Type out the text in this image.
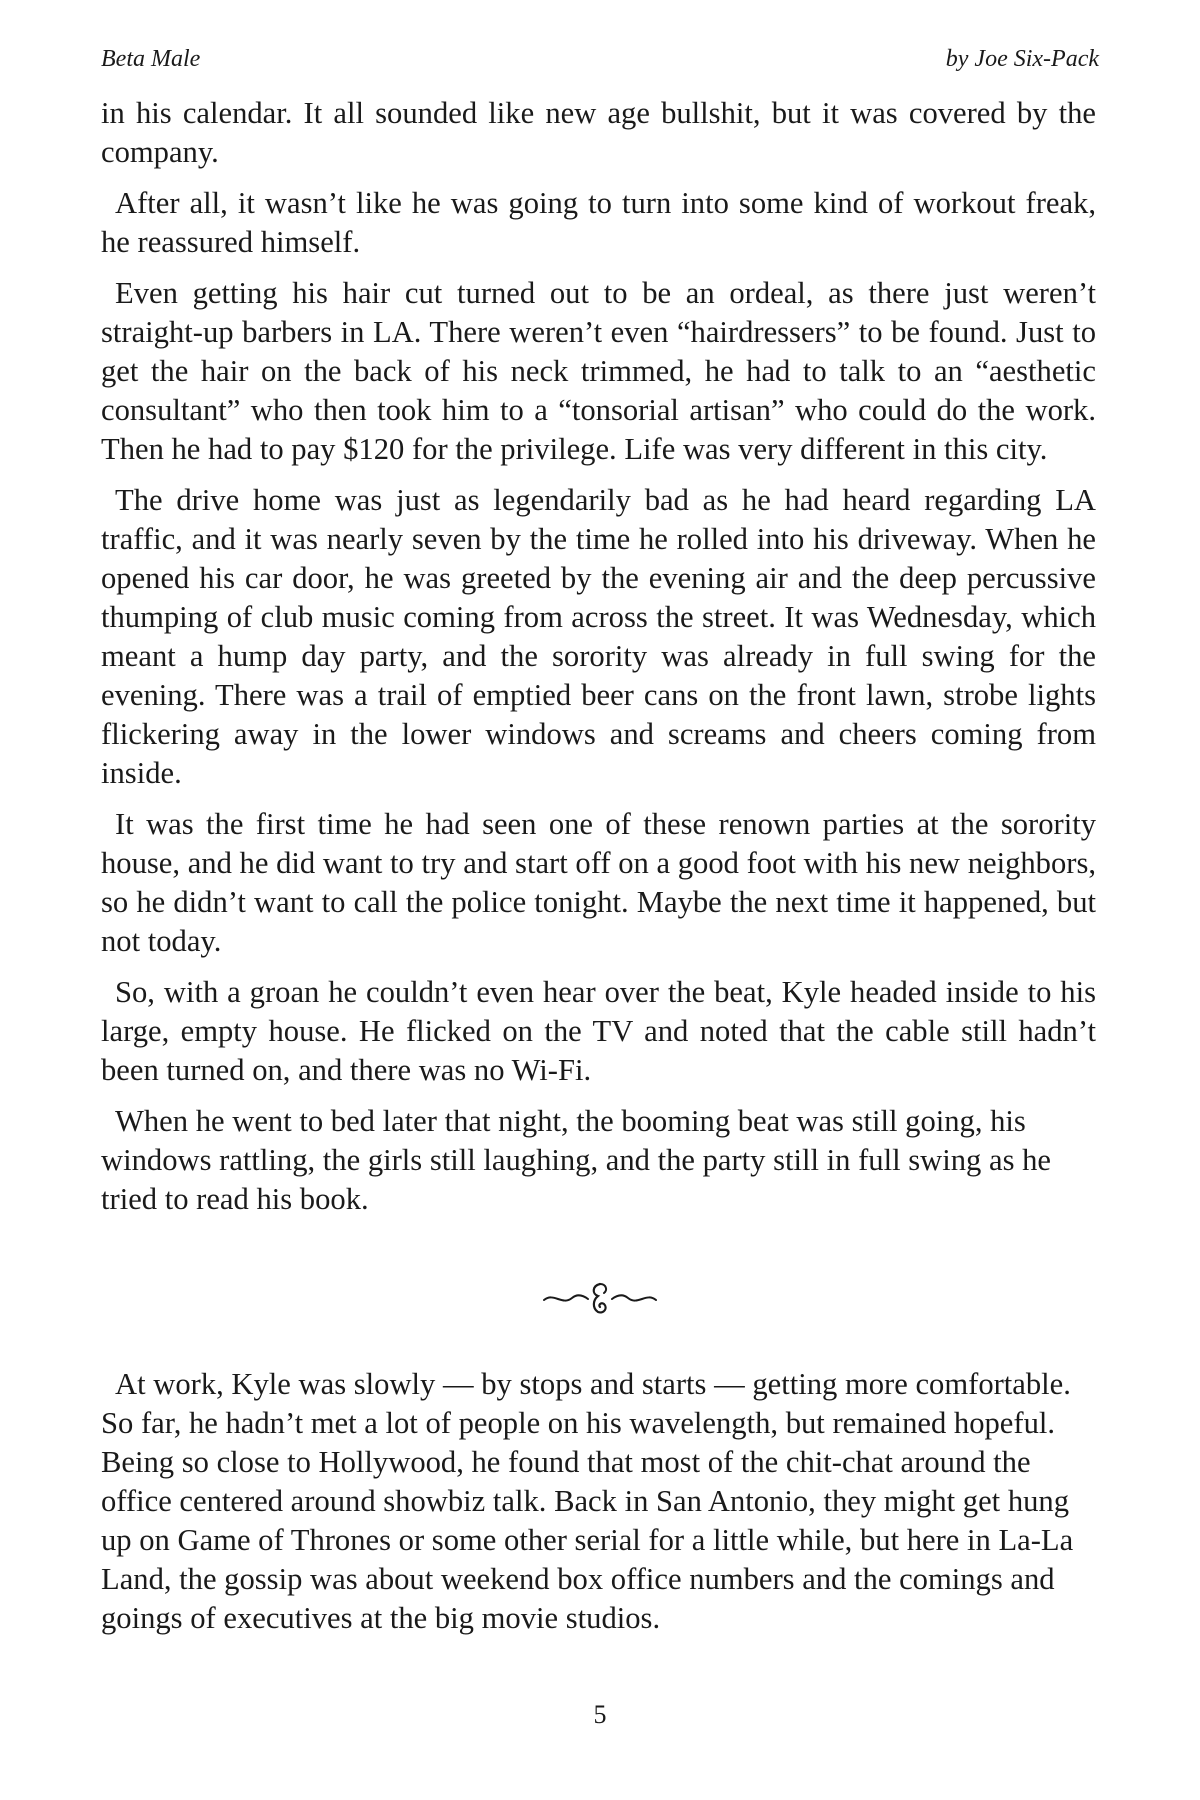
Beta Male	by Joe Six-Pack

in his calendar. It all sounded like new age bullshit, but it was covered by the company.

After all, it wasn’t like he was going to turn into some kind of workout freak, he reassured himself.

Even getting his hair cut turned out to be an ordeal, as there just weren’t straight-up barbers in LA. There weren’t even “hairdressers” to be found. Just to get the hair on the back of his neck trimmed, he had to talk to an “aesthetic consultant” who then took him to a “tonsorial artisan” who could do the work. Then he had to pay $120 for the privilege. Life was very different in this city.

The drive home was just as legendarily bad as he had heard regarding LA traffic, and it was nearly seven by the time he rolled into his driveway. When he opened his car door, he was greeted by the evening air and the deep percussive thumping of club music coming from across the street. It was Wednesday, which meant a hump day party, and the sorority was already in full swing for the evening. There was a trail of emptied beer cans on the front lawn, strobe lights flickering away in the lower windows and screams and cheers coming from inside.

It was the first time he had seen one of these renown parties at the sorority house, and he did want to try and start off on a good foot with his new neighbors, so he didn’t want to call the police tonight. Maybe the next time it happened, but not today.

So, with a groan he couldn’t even hear over the beat, Kyle headed inside to his large, empty house. He flicked on the TV and noted that the cable still hadn’t been turned on, and there was no Wi-Fi.

When he went to bed later that night, the booming beat was still going, his windows rattling, the girls still laughing, and the party still in full swing as he tried to read his book.

At work, Kyle was slowly — by stops and starts — getting more comfortable. So far, he hadn’t met a lot of people on his wavelength, but remained hopeful. Being so close to Hollywood, he found that most of the chit-chat around the office centered around showbiz talk. Back in San Antonio, they might get hung up on Game of Thrones or some other serial for a little while, but here in La-La Land, the gossip was about weekend box office numbers and the comings and goings of executives at the big movie studios.

5
